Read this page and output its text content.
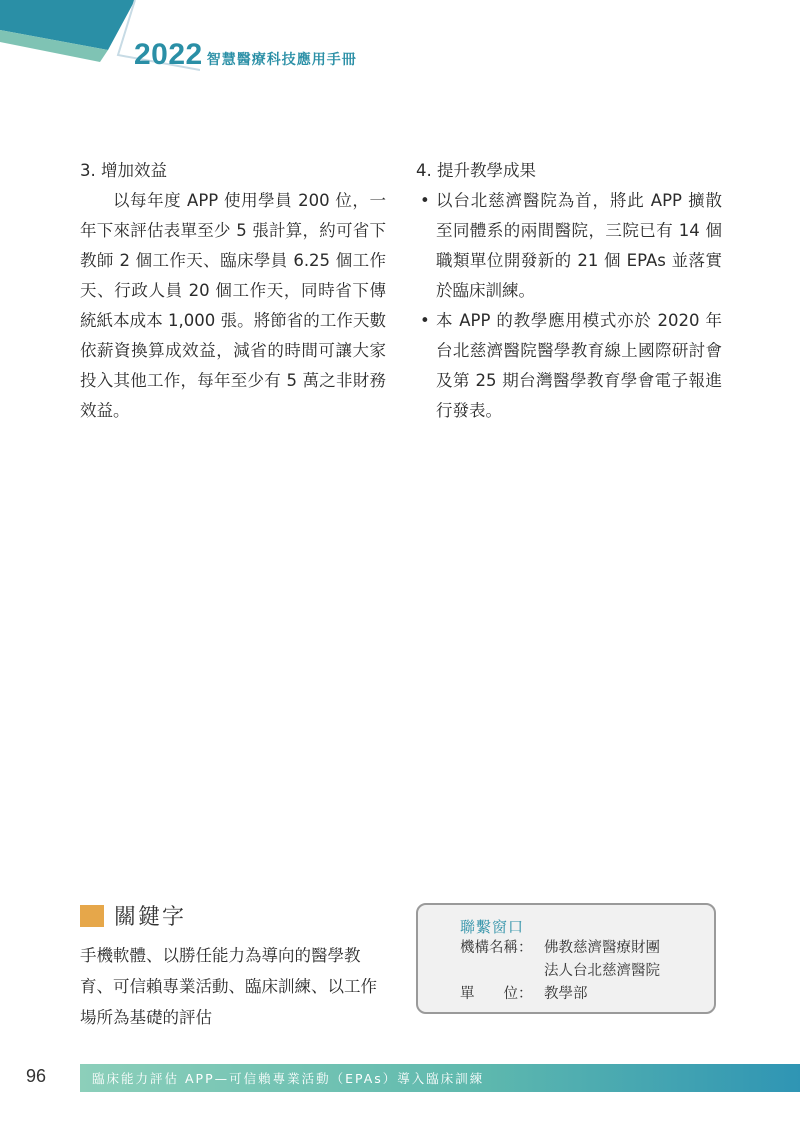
2022 智慧醫療科技應用手冊

3. 增加效益

以每年度 APP 使用學員 200 位，一年下來評估表單至少 5 張計算，約可省下教師 2 個工作天、臨床學員 6.25 個工作天、行政人員 20 個工作天，同時省下傳統紙本成本 1,000 張。將節省的工作天數依薪資換算成效益，減省的時間可讓大家投入其他工作，每年至少有 5 萬之非財務效益。

4. 提升教學成果

• 以台北慈濟醫院為首，將此 APP 擴散至同體系的兩間醫院，三院已有 14 個職類單位開發新的 21 個 EPAs 並落實於臨床訓練。
• 本 APP 的教學應用模式亦於 2020 年台北慈濟醫院醫學教育線上國際研討會及第 25 期台灣醫學教育學會電子報進行發表。
關鍵字

手機軟體、以勝任能力為導向的醫學教育、可信賴專業活動、臨床訓練、以工作場所為基礎的評估

聯繫窗口
機構名稱： 佛教慈濟醫療財團
法人台北慈濟醫院
單　　位： 教學部
96	臨床能力評估 APP—可信賴專業活動（EPAs）導入臨床訓練
